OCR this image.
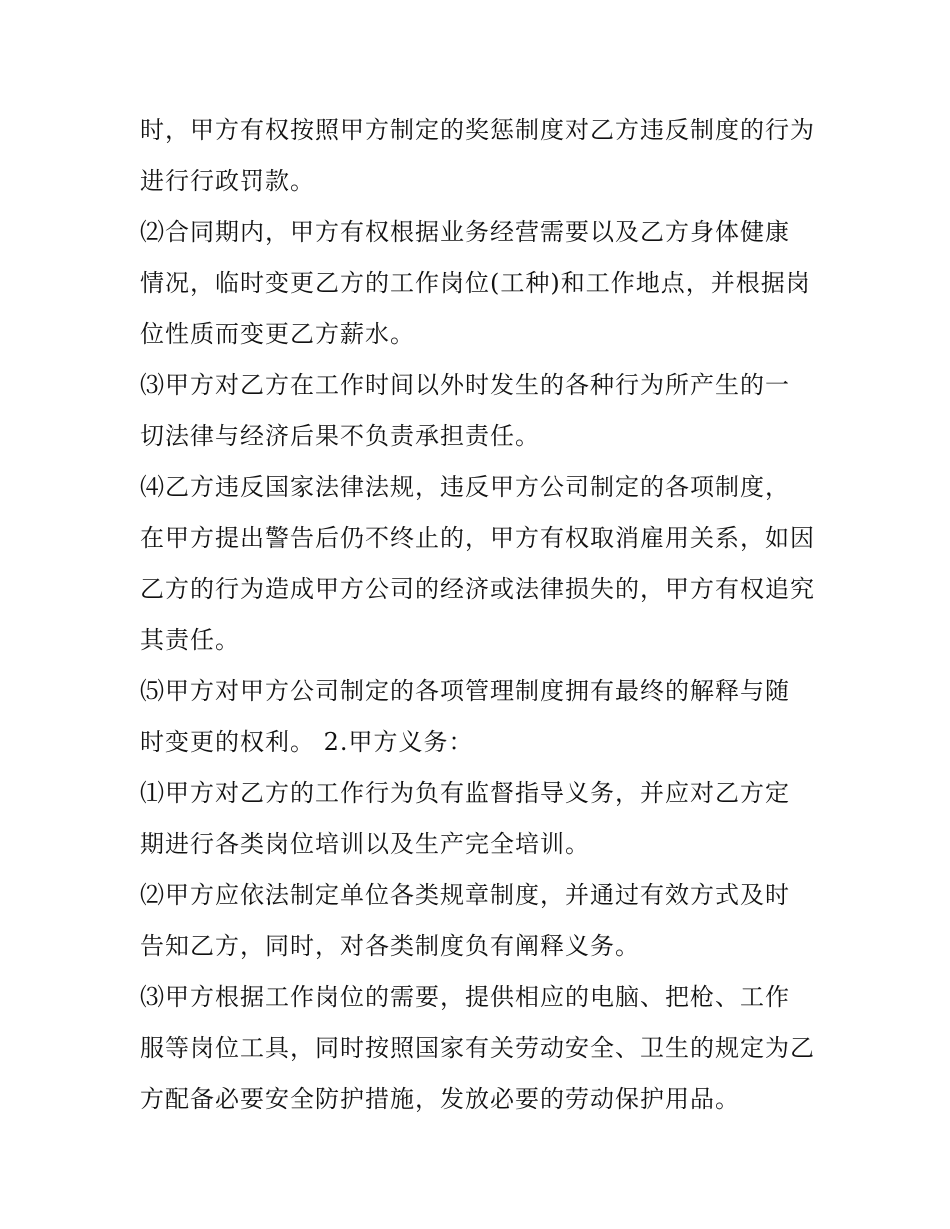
时，甲方有权按照甲方制定的奖惩制度对乙方违反制度的行为

进行行政罚款。

⑵合同期内，甲方有权根据业务经营需要以及乙方身体健康

情况，临时变更乙方的工作岗位(工种)和工作地点，并根据岗

位性质而变更乙方薪水。

⑶甲方对乙方在工作时间以外时发生的各种行为所产生的一

切法律与经济后果不负责承担责任。

⑷乙方违反国家法律法规，违反甲方公司制定的各项制度，

在甲方提出警告后仍不终止的，甲方有权取消雇用关系，如因

乙方的行为造成甲方公司的经济或法律损失的，甲方有权追究

其责任。

⑸甲方对甲方公司制定的各项管理制度拥有最终的解释与随

时变更的权利。 2.甲方义务：

⑴甲方对乙方的工作行为负有监督指导义务，并应对乙方定

期进行各类岗位培训以及生产完全培训。

⑵甲方应依法制定单位各类规章制度，并通过有效方式及时

告知乙方，同时，对各类制度负有阐释义务。

⑶甲方根据工作岗位的需要，提供相应的电脑、把枪、工作

服等岗位工具，同时按照国家有关劳动安全、卫生的规定为乙

方配备必要安全防护措施，发放必要的劳动保护用品。
